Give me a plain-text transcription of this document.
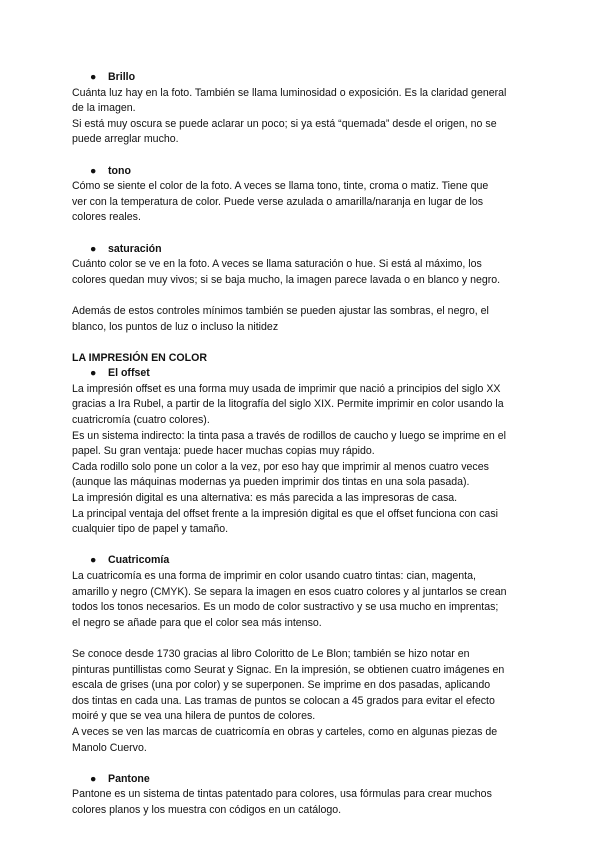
●	Brillo

Cuánta luz hay en la foto. También se llama luminosidad o exposición. Es la claridad general

de la imagen.

Si está muy oscura se puede aclarar un poco; si ya está “quemada” desde el origen, no se

puede arreglar mucho.

●	tono

Cómo se siente el color de la foto. A veces se llama tono, tinte, croma o matiz. Tiene que

ver con la temperatura de color. Puede verse azulada o amarilla/naranja en lugar de los

colores reales.

●	saturación

Cuánto color se ve en la foto. A veces se llama saturación o hue. Si está al máximo, los

colores quedan muy vivos; si se baja mucho, la imagen parece lavada o en blanco y negro.

Además de estos controles mínimos también se pueden ajustar las sombras, el negro, el

blanco, los puntos de luz o incluso la nitidez

LA IMPRESIÓN EN COLOR

●	El offset

La impresión offset es una forma muy usada de imprimir que nació a principios del siglo XX

gracias a Ira Rubel, a partir de la litografía del siglo XIX. Permite imprimir en color usando la

cuatricromía (cuatro colores).

Es un sistema indirecto: la tinta pasa a través de rodillos de caucho y luego se imprime en el

papel. Su gran ventaja: puede hacer muchas copias muy rápido.

Cada rodillo solo pone un color a la vez, por eso hay que imprimir al menos cuatro veces

(aunque las máquinas modernas ya pueden imprimir dos tintas en una sola pasada).

La impresión digital es una alternativa: es más parecida a las impresoras de casa.

La principal ventaja del offset frente a la impresión digital es que el offset funciona con casi

cualquier tipo de papel y tamaño.

●	Cuatricomía

La cuatricomía es una forma de imprimir en color usando cuatro tintas: cian, magenta,

amarillo y negro (CMYK). Se separa la imagen en esos cuatro colores y al juntarlos se crean

todos los tonos necesarios. Es un modo de color sustractivo y se usa mucho en imprentas;

el negro se añade para que el color sea más intenso.

Se conoce desde 1730 gracias al libro Coloritto de Le Blon; también se hizo notar en

pinturas puntillistas como Seurat y Signac. En la impresión, se obtienen cuatro imágenes en

escala de grises (una por color) y se superponen. Se imprime en dos pasadas, aplicando

dos tintas en cada una. Las tramas de puntos se colocan a 45 grados para evitar el efecto

moiré y que se vea una hilera de puntos de colores.

A veces se ven las marcas de cuatricomía en obras y carteles, como en algunas piezas de

Manolo Cuervo.

●	Pantone

Pantone es un sistema de tintas patentado para colores, usa fórmulas para crear muchos

colores planos y los muestra con códigos en un catálogo.
